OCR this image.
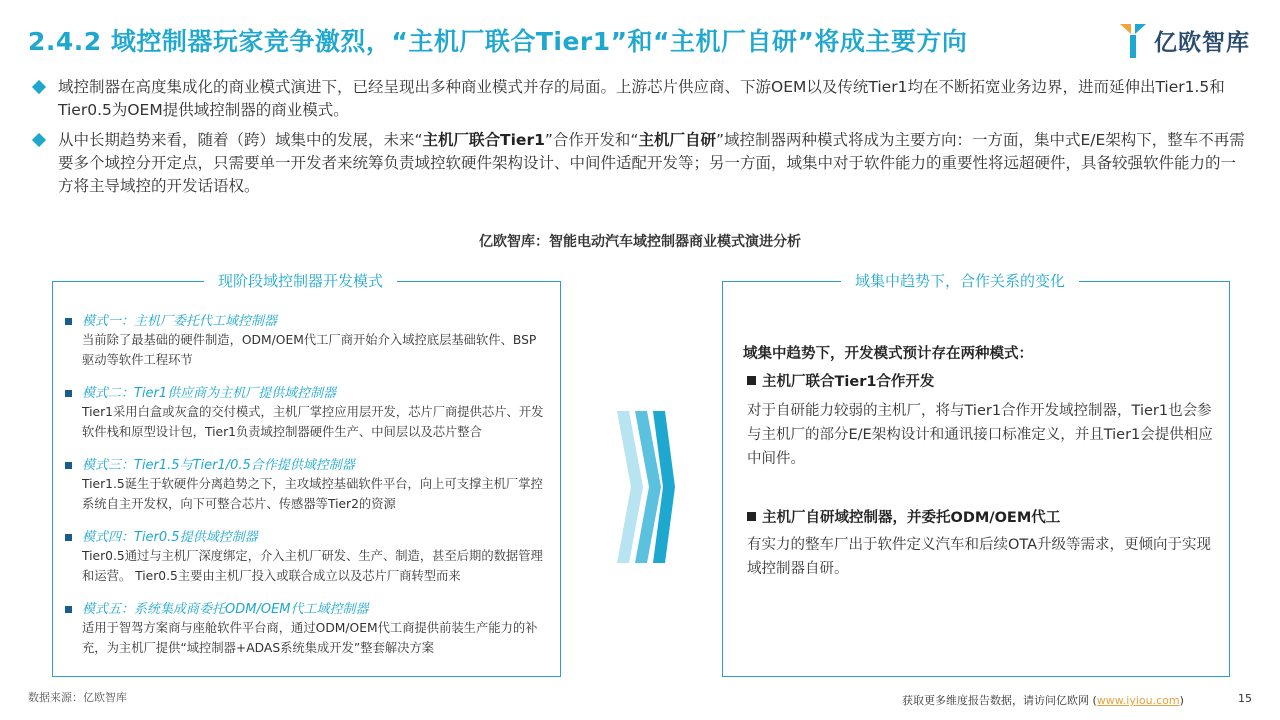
2.4.2 域控制器玩家竞争激烈，“主机厂联合Tier1”和“主机厂自研”将成主要方向	亿欧智库
域控制器在高度集成化的商业模式演进下，已经呈现出多种商业模式并存的局面。上游芯片供应商、下游OEM以及传统Tier1均在不断拓宽业务边界，进而延伸出Tier1.5和Tier0.5为OEM提供域控制器的商业模式。
从中长期趋势来看，随着（跨）域集中的发展，未来“主机厂联合Tier1”合作开发和“主机厂自研”域控制器两种模式将成为主要方向：一方面，集中式E/E架构下，整车不再需要多个域控分开定点，只需要单一开发者来统筹负责域控软硬件架构设计、中间件适配开发等；另一方面，域集中对于软件能力的重要性将远超硬件，具备较强软件能力的一方将主导域控的开发话语权。
亿欧智库：智能电动汽车域控制器商业模式演进分析
现阶段域控制器开发模式
模式一：主机厂委托代工域控制器
当前除了最基础的硬件制造，ODM/OEM代工厂商开始介入域控底层基础软件、BSP驱动等软件工程环节
模式二：Tier1供应商为主机厂提供域控制器
Tier1采用白盒或灰盒的交付模式，主机厂掌控应用层开发，芯片厂商提供芯片、开发软件栈和原型设计包，Tier1负责域控制器硬件生产、中间层以及芯片整合
模式三：Tier1.5与Tier1/0.5合作提供域控制器
Tier1.5诞生于软硬件分离趋势之下，主攻域控基础软件平台，向上可支撑主机厂掌控系统自主开发权，向下可整合芯片、传感器等Tier2的资源
模式四：Tier0.5提供域控制器
Tier0.5通过与主机厂深度绑定，介入主机厂研发、生产、制造，甚至后期的数据管理和运营。 Tier0.5主要由主机厂投入或联合成立以及芯片厂商转型而来
模式五：系统集成商委托ODM/OEM代工域控制器
适用于智驾方案商与座舱软件平台商，通过ODM/OEM代工商提供前装生产能力的补充，为主机厂提供“域控制器+ADAS系统集成开发”整套解决方案
域集中趋势下，合作关系的变化
域集中趋势下，开发模式预计存在两种模式：
主机厂联合Tier1合作开发
对于自研能力较弱的主机厂，将与Tier1合作开发域控制器，Tier1也会参与主机厂的部分E/E架构设计和通讯接口标准定义，并且Tier1会提供相应中间件。
主机厂自研域控制器，并委托ODM/OEM代工
有实力的整车厂出于软件定义汽车和后续OTA升级等需求，更倾向于实现域控制器自研。
数据来源：亿欧智库	获取更多维度报告数据，请访问亿欧网 (www.iyiou.com)	15
